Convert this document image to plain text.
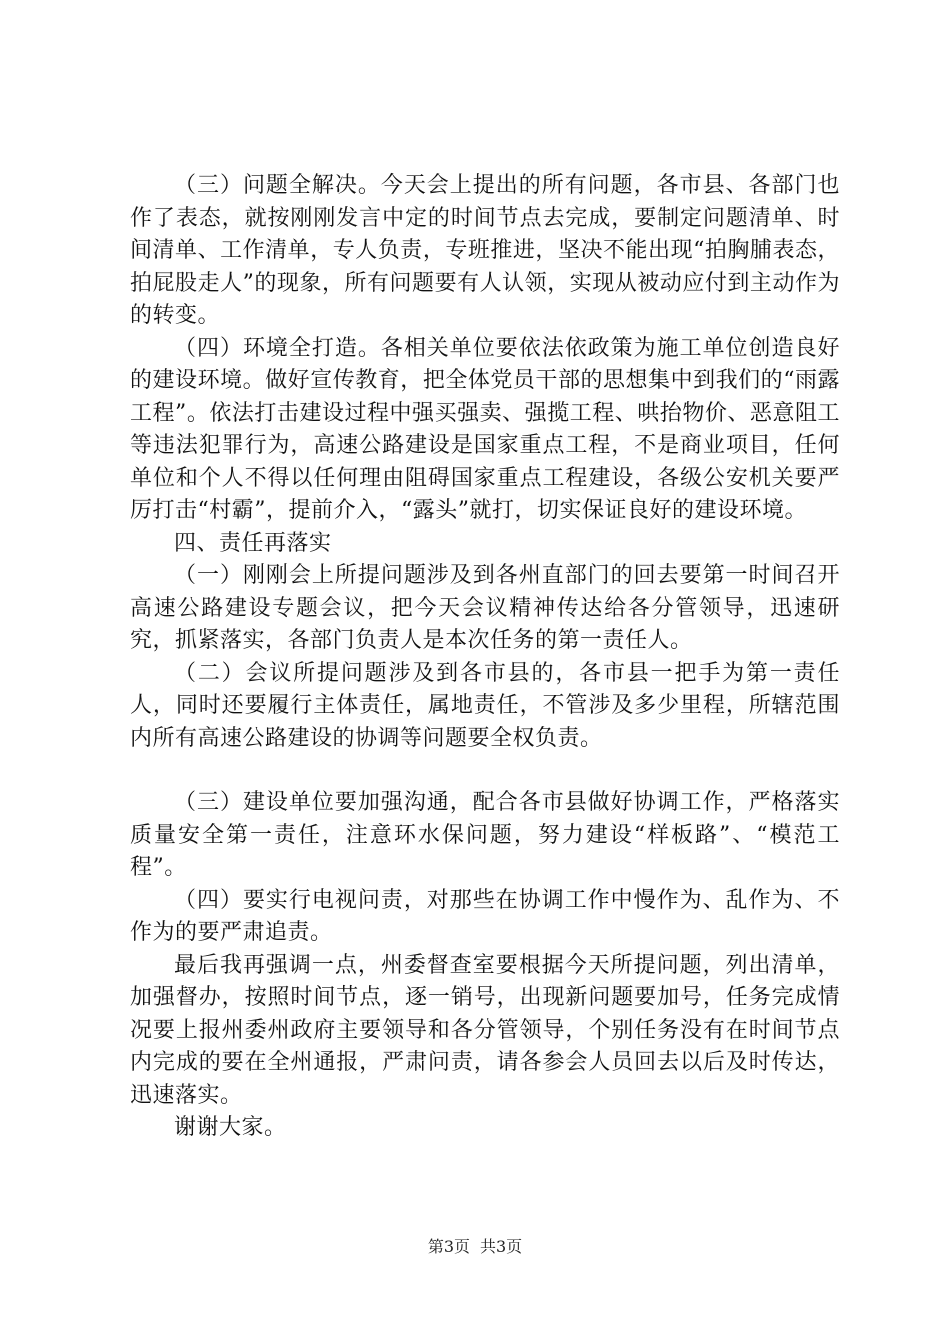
（三）问题全解决。今天会上提出的所有问题，各市县、各部门也作了表态，就按刚刚发言中定的时间节点去完成，要制定问题清单、时间清单、工作清单，专人负责，专班推进，坚决不能出现“拍胸脯表态，拍屁股走人”的现象，所有问题要有人认领，实现从被动应付到主动作为的转变。

（四）环境全打造。各相关单位要依法依政策为施工单位创造良好的建设环境。做好宣传教育，把全体党员干部的思想集中到我们的“雨露工程”。依法打击建设过程中强买强卖、强揽工程、哄抬物价、恶意阻工等违法犯罪行为，高速公路建设是国家重点工程，不是商业项目，任何单位和个人不得以任何理由阻碍国家重点工程建设，各级公安机关要严厉打击“村霸”，提前介入，“露头”就打，切实保证良好的建设环境。

四、责任再落实

（一）刚刚会上所提问题涉及到各州直部门的回去要第一时间召开高速公路建设专题会议，把今天会议精神传达给各分管领导，迅速研究，抓紧落实，各部门负责人是本次任务的第一责任人。

（二）会议所提问题涉及到各市县的，各市县一把手为第一责任人，同时还要履行主体责任，属地责任，不管涉及多少里程，所辖范围内所有高速公路建设的协调等问题要全权负责。

（三）建设单位要加强沟通，配合各市县做好协调工作，严格落实质量安全第一责任，注意环水保问题，努力建设“样板路”、“模范工程”。

（四）要实行电视问责，对那些在协调工作中慢作为、乱作为、不作为的要严肃追责。

最后我再强调一点，州委督查室要根据今天所提问题，列出清单，加强督办，按照时间节点，逐一销号，出现新问题要加号，任务完成情况要上报州委州政府主要领导和各分管领导，个别任务没有在时间节点内完成的要在全州通报，严肃问责，请各参会人员回去以后及时传达，迅速落实。

谢谢大家。

第3页 共3页
